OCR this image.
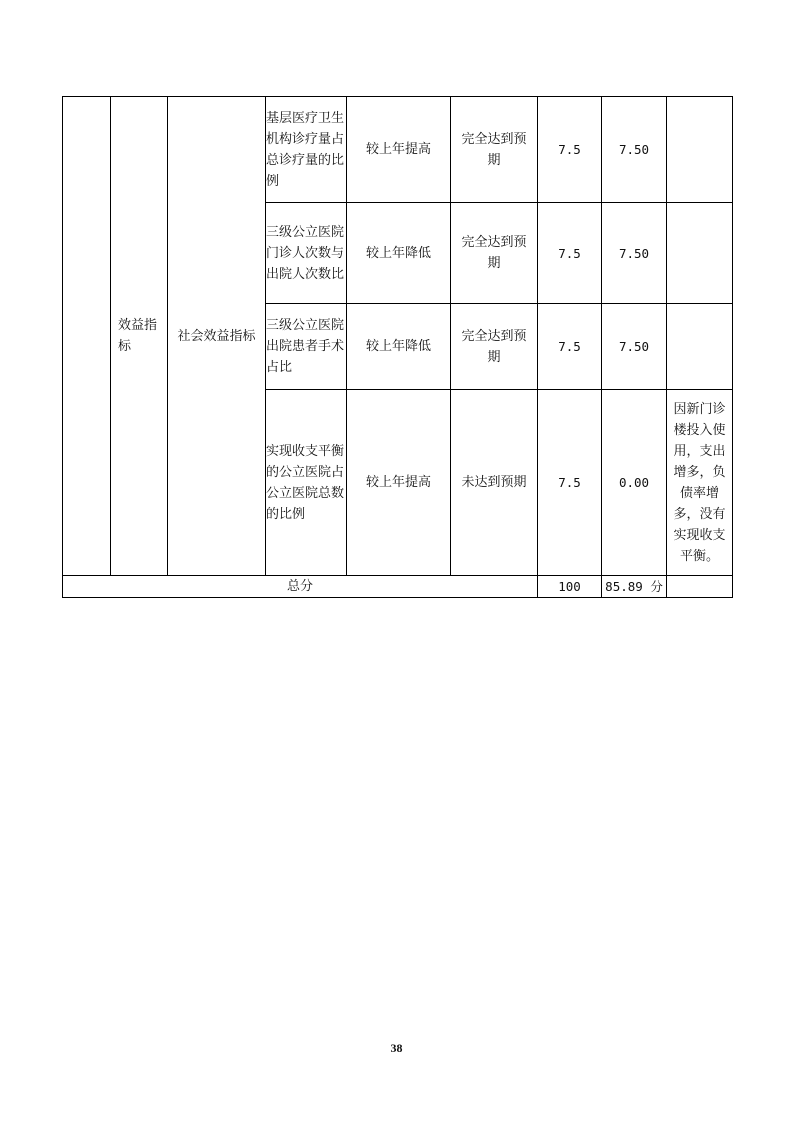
	效益指标	社会效益指标	基层医疗卫生机构诊疗量占总诊疗量的比例	较上年提高	完全达到预期	7.5	7.50	
			三级公立医院门诊人次数与出院人次数比	较上年降低	完全达到预期	7.5	7.50	
			三级公立医院出院患者手术占比	较上年降低	完全达到预期	7.5	7.50	
			实现收支平衡的公立医院占公立医院总数的比例	较上年提高	未达到预期	7.5	0.00	因新门诊楼投入使用，支出增多，负债率增多，没有实现收支平衡。
总分						100	85.89 分	
38
